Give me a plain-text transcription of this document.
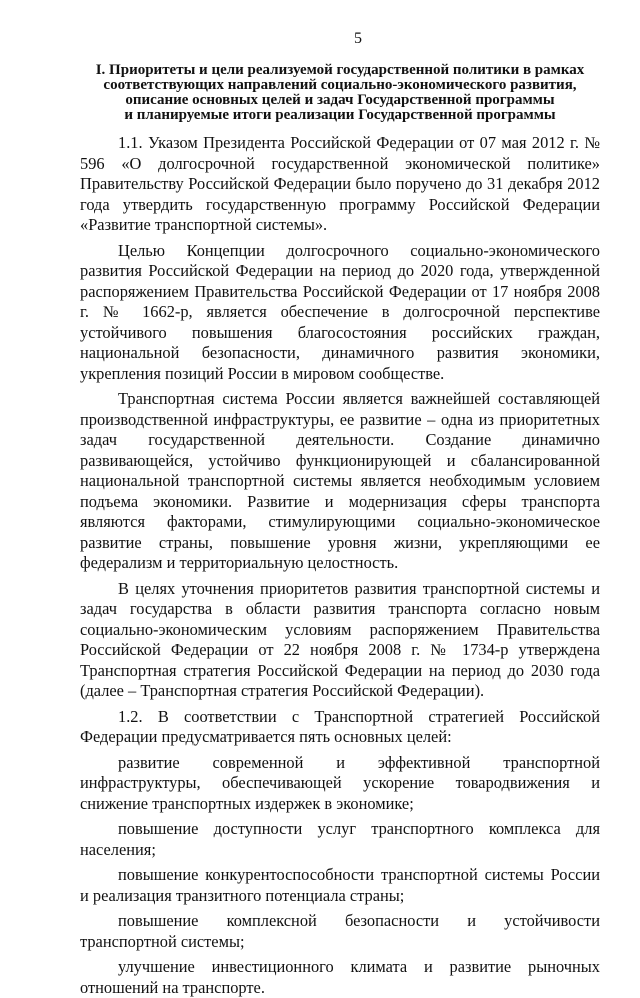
5
I. Приоритеты и цели реализуемой государственной политики в рамках
соответствующих направлений социально-экономического развития,
описание основных целей и задач Государственной программы
и планируемые итоги реализации Государственной программы

1.1. Указом Президента Российской Федерации от 07 мая 2012 г. № 596 «О долгосрочной государственной экономической политике» Правительству Российской Федерации было поручено до 31 декабря 2012 года утвердить государственную программу Российской Федерации «Развитие транспортной системы».

Целью Концепции долгосрочного социально-экономического развития Российской Федерации на период до 2020 года, утвержденной распоряжением Правительства Российской Федерации от 17 ноября 2008 г. № 1662-р, является обеспечение в долгосрочной перспективе устойчивого повышения благосостояния российских граждан, национальной безопасности, динамичного развития экономики, укрепления позиций России в мировом сообществе.

Транспортная система России является важнейшей составляющей производственной инфраструктуры, ее развитие – одна из приоритетных задач государственной деятельности. Создание динамично развивающейся, устойчиво функционирующей и сбалансированной национальной транспортной системы является необходимым условием подъема экономики. Развитие и модернизация сферы транспорта являются факторами, стимулирующими социально-экономическое развитие страны, повышение уровня жизни, укрепляющими ее федерализм и территориальную целостность.

В целях уточнения приоритетов развития транспортной системы и задач государства в области развития транспорта согласно новым социально-экономическим условиям распоряжением Правительства Российской Федерации от 22 ноября 2008 г. № 1734-р утверждена Транспортная стратегия Российской Федерации на период до 2030 года (далее – Транспортная стратегия Российской Федерации).

1.2. В соответствии с Транспортной стратегией Российской Федерации предусматривается пять основных целей:

развитие современной и эффективной транспортной инфраструктуры, обеспечивающей ускорение товародвижения и снижение транспортных издержек в экономике;

повышение доступности услуг транспортного комплекса для населения;

повышение конкурентоспособности транспортной системы России и реализация транзитного потенциала страны;

повышение комплексной безопасности и устойчивости транспортной системы;

улучшение инвестиционного климата и развитие рыночных отношений на транспорте.
